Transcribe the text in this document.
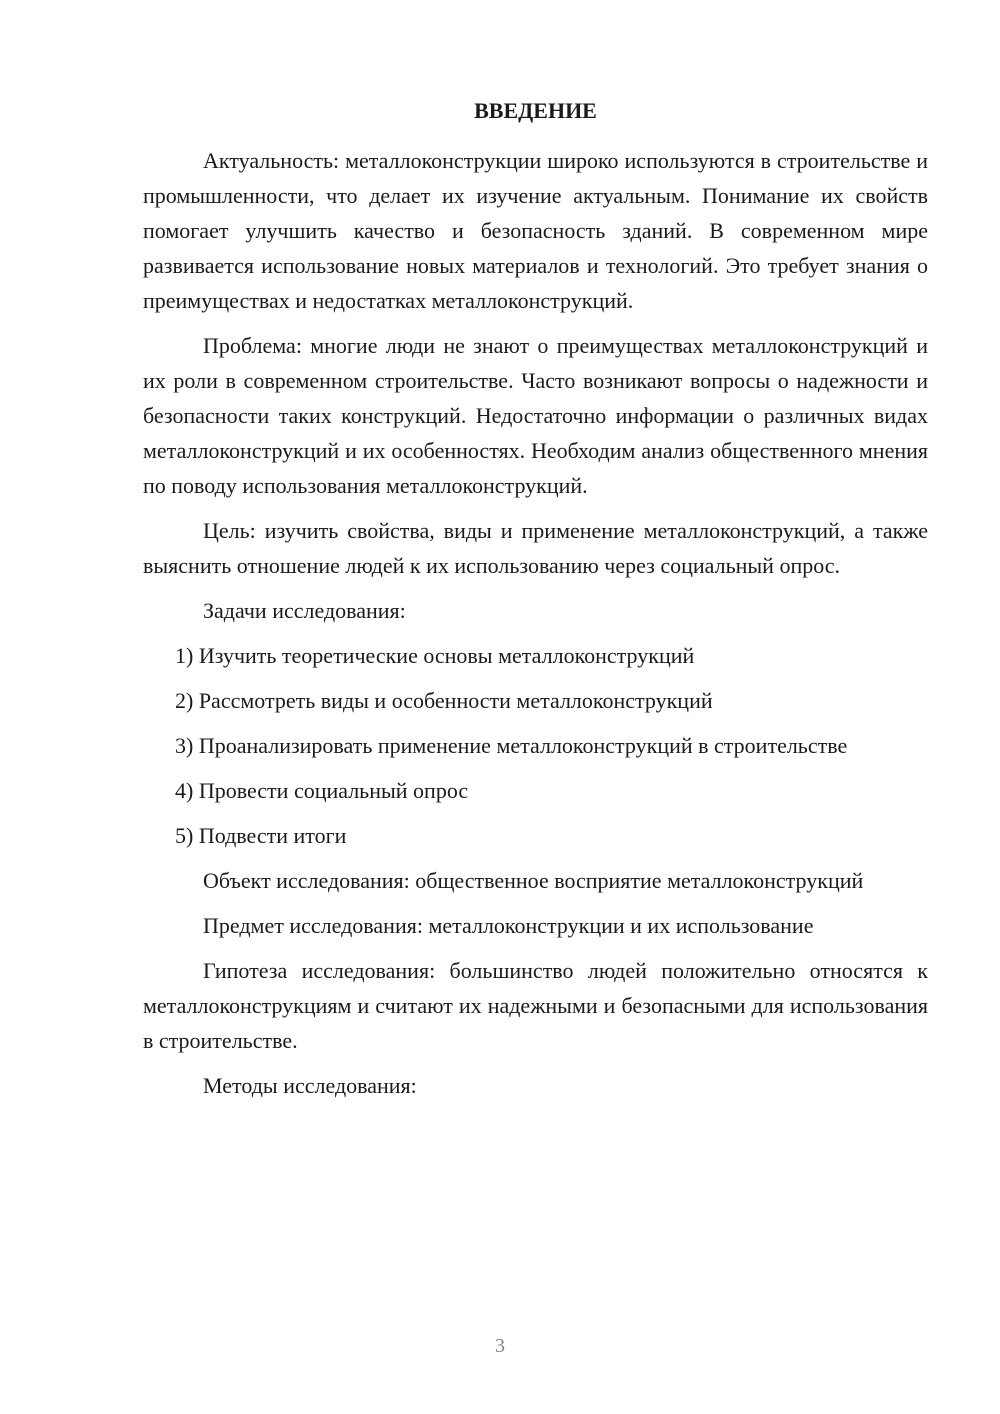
ВВЕДЕНИЕ

Актуальность: металлоконструкции широко используются в строительстве и промышленности, что делает их изучение актуальным. Понимание их свойств помогает улучшить качество и безопасность зданий. В современном мире развивается использование новых материалов и технологий. Это требует знания о преимуществах и недостатках металлоконструкций.

Проблема: многие люди не знают о преимуществах металлоконструкций и их роли в современном строительстве. Часто возникают вопросы о надежности и безопасности таких конструкций. Недостаточно информации о различных видах металлоконструкций и их особенностях. Необходим анализ общественного мнения по поводу использования металлоконструкций.

Цель: изучить свойства, виды и применение металлоконструкций, а также выяснить отношение людей к их использованию через социальный опрос.

Задачи исследования:

1) Изучить теоретические основы металлоконструкций

2) Рассмотреть виды и особенности металлоконструкций

3) Проанализировать применение металлоконструкций в строительстве

4) Провести социальный опрос

5) Подвести итоги

Объект исследования: общественное восприятие металлоконструкций

Предмет исследования: металлоконструкции и их использование

Гипотеза исследования: большинство людей положительно относятся к металлоконструкциям и считают их надежными и безопасными для использования в строительстве.

Методы исследования:

3
